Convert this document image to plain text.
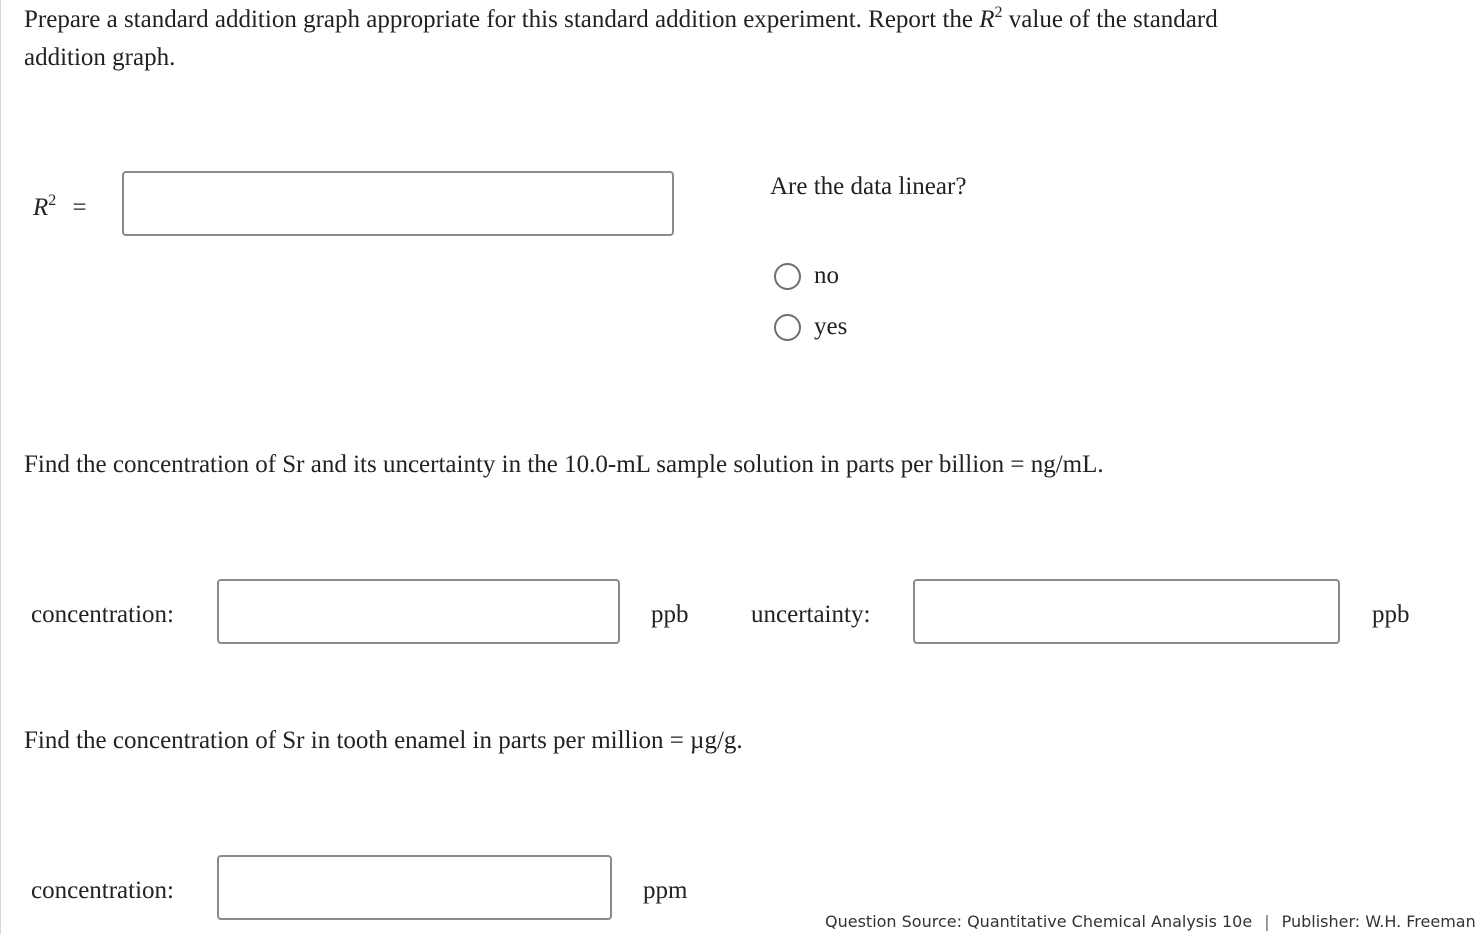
Prepare a standard addition graph appropriate for this standard addition experiment. Report the $R^2$ value of the standard
addition graph.
$R^2$ =
Are the data linear?
no
yes
Find the concentration of Sr and its uncertainty in the 10.0-mL sample solution in parts per billion = ng/mL.
concentration:	ppb	uncertainty:	ppb
Find the concentration of Sr in tooth enamel in parts per million = µg/g.
concentration:	ppm
Question Source: Quantitative Chemical Analysis 10e | Publisher: W.H. Freeman
